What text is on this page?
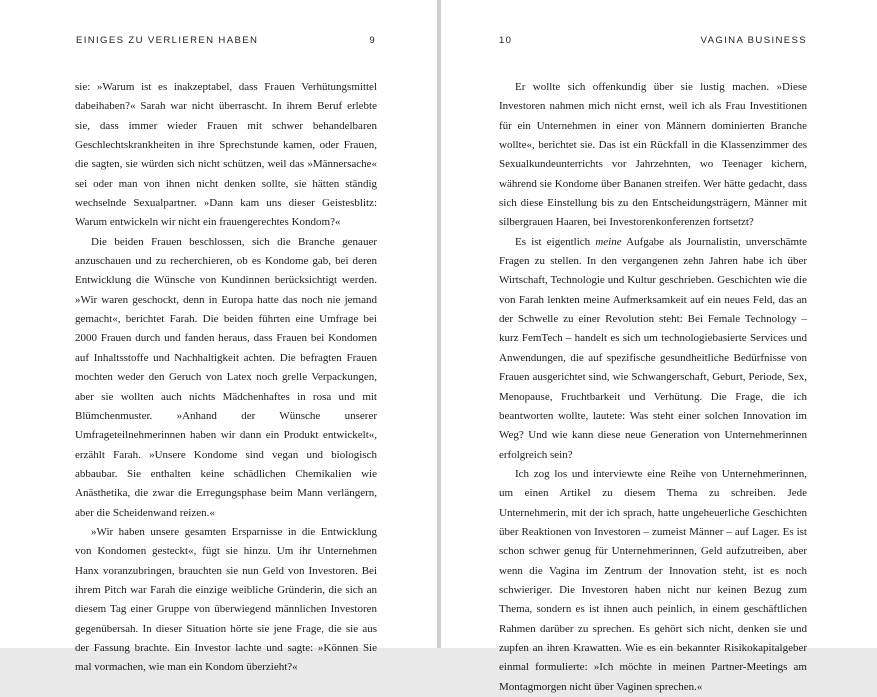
EINIGES ZU VERLIEREN HABEN	9

sie: »Warum ist es inakzeptabel, dass Frauen Verhütungsmittel dabeihaben?« Sarah war nicht überrascht. In ihrem Beruf erlebte sie, dass immer wieder Frauen mit schwer behandelbaren Geschlechtskrankheiten in ihre Sprechstunde kamen, oder Frauen, die sagten, sie würden sich nicht schützen, weil das »Männersache« sei oder man von ihnen nicht denken sollte, sie hätten ständig wechselnde Sexualpartner. »Dann kam uns dieser Geistesblitz: Warum entwickeln wir nicht ein frauengerechtes Kondom?«

Die beiden Frauen beschlossen, sich die Branche genauer anzuschauen und zu recherchieren, ob es Kondome gab, bei deren Entwicklung die Wünsche von Kundinnen berücksichtigt werden. »Wir waren geschockt, denn in Europa hatte das noch nie jemand gemacht«, berichtet Farah. Die beiden führten eine Umfrage bei 2000 Frauen durch und fanden heraus, dass Frauen bei Kondomen auf Inhaltsstoffe und Nachhaltigkeit achten. Die befragten Frauen mochten weder den Geruch von Latex noch grelle Verpackungen, aber sie wollten auch nichts Mädchenhaftes in rosa und mit Blümchenmuster. »Anhand der Wünsche unserer Umfrageteilnehmerinnen haben wir dann ein Produkt entwickelt«, erzählt Farah. »Unsere Kondome sind vegan und biologisch abbaubar. Sie enthalten keine schädlichen Chemikalien wie Anästhetika, die zwar die Erregungsphase beim Mann verlängern, aber die Scheidenwand reizen.«

»Wir haben unsere gesamten Ersparnisse in die Entwicklung von Kondomen gesteckt«, fügt sie hinzu. Um ihr Unternehmen Hanx voranzubringen, brauchten sie nun Geld von Investoren. Bei ihrem Pitch war Farah die einzige weibliche Gründerin, die sich an diesem Tag einer Gruppe von überwiegend männlichen Investoren gegenübersah. In dieser Situation hörte sie jene Frage, die sie aus der Fassung brachte. Ein Investor lachte und sagte: »Können Sie mal vormachen, wie man ein Kondom überzieht?«

10	VAGINA BUSINESS

Er wollte sich offenkundig über sie lustig machen. »Diese Investoren nahmen mich nicht ernst, weil ich als Frau Investitionen für ein Unternehmen in einer von Männern dominierten Branche wollte«, berichtet sie. Das ist ein Rückfall in die Klassenzimmer des Sexualkundeunterrichts vor Jahrzehnten, wo Teenager kichern, während sie Kondome über Bananen streifen. Wer hätte gedacht, dass sich diese Einstellung bis zu den Entscheidungsträgern, Männer mit silbergrauen Haaren, bei Investorenkonferenzen fortsetzt?

Es ist eigentlich meine Aufgabe als Journalistin, unverschämte Fragen zu stellen. In den vergangenen zehn Jahren habe ich über Wirtschaft, Technologie und Kultur geschrieben. Geschichten wie die von Farah lenkten meine Aufmerksamkeit auf ein neues Feld, das an der Schwelle zu einer Revolution steht: Bei Female Technology – kurz FemTech – handelt es sich um technologiebasierte Services und Anwendungen, die auf spezifische gesundheitliche Bedürfnisse von Frauen ausgerichtet sind, wie Schwangerschaft, Geburt, Periode, Sex, Menopause, Fruchtbarkeit und Verhütung. Die Frage, die ich beantworten wollte, lautete: Was steht einer solchen Innovation im Weg? Und wie kann diese neue Generation von Unternehmerinnen erfolgreich sein?

Ich zog los und interviewte eine Reihe von Unternehmerinnen, um einen Artikel zu diesem Thema zu schreiben. Jede Unternehmerin, mit der ich sprach, hatte ungeheuerliche Geschichten über Reaktionen von Investoren – zumeist Männer – auf Lager. Es ist schon schwer genug für Unternehmerinnen, Geld aufzutreiben, aber wenn die Vagina im Zentrum der Innovation steht, ist es noch schwieriger. Die Investoren haben nicht nur keinen Bezug zum Thema, sondern es ist ihnen auch peinlich, in einem geschäftlichen Rahmen darüber zu sprechen. Es gehört sich nicht, denken sie und zupfen an ihren Krawatten. Wie es ein bekannter Risikokapitalgeber einmal formulierte: »Ich möchte in meinen Partner-Meetings am Montagmorgen nicht über Vaginen sprechen.«
